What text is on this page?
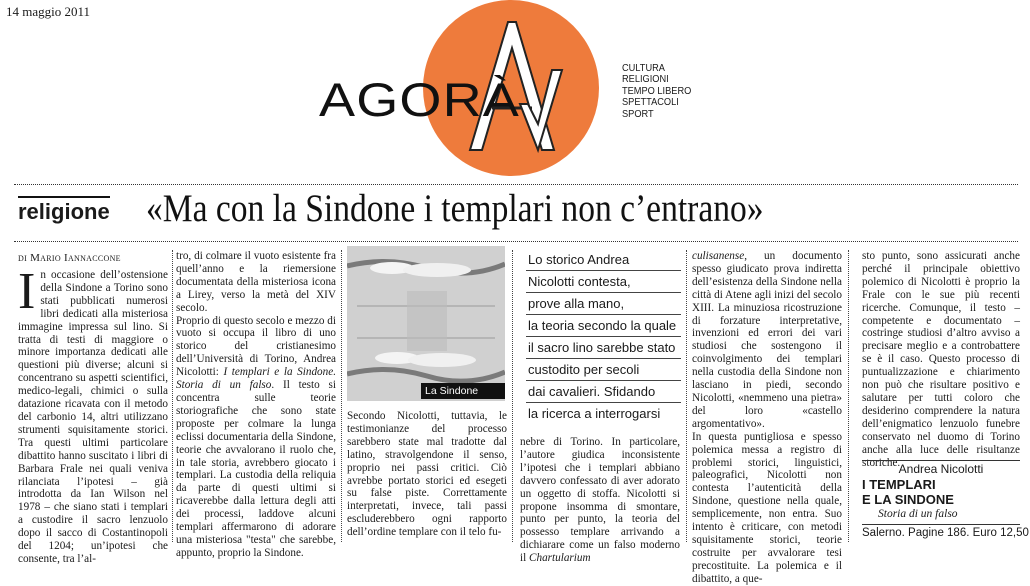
14 maggio 2011
AGORÀ
CULTURA
RELIGIONI
TEMPO LIBERO
SPETTACOLI
SPORT
religione «Ma con la Sindone i templari non c’entrano»
di Mario Iannaccone
In occasione dell’ostensione della Sindone a Torino sono stati pubblicati numerosi libri dedicati alla misteriosa immagine impressa sul lino. Si tratta di testi di maggiore o minore importanza dedicati alle questioni più diverse; alcuni si concentrano su aspetti scientifici, medico-legali, chimici o sulla datazione ricavata con il metodo del carbonio 14, altri utilizzano strumenti squisitamente storici. Tra questi ultimi particolare dibattito hanno suscitato i libri di Barbara Frale nei quali veniva rilanciata l’ipotesi – già introdotta da Ian Wilson nel 1978 – che siano stati i templari a custodire il sacro lenzuolo dopo il sacco di Costantinopoli del 1204; un’ipotesi che consente, tra l’al-

tro, di colmare il vuoto esistente fra quell’anno e la riemersione documentata della misteriosa icona a Lirey, verso la metà del XIV secolo.

Proprio di questo secolo e mezzo di vuoto si occupa il libro di uno storico del cristianesimo dell’Università di Torino, Andrea Nicolotti: I templari e la Sindone. Storia di un falso. Il testo si concentra sulle teorie storiografiche che sono state proposte per colmare la lunga eclissi documentaria della Sindone, teorie che avvalorano il ruolo che, in tale storia, avrebbero giocato i templari. La custodia della reliquia da parte di questi ultimi si ricaverebbe dalla lettura degli atti dei processi, laddove alcuni templari affermarono di adorare una misteriosa "testa" che sarebbe, appunto, proprio la Sindone.

La Sindone

Secondo Nicolotti, tuttavia, le testimonianze del processo sarebbero state mal tradotte dal latino, stravolgendone il senso, proprio nei passi critici. Ciò avrebbe portato storici ed esegeti su false piste. Correttamente interpretati, invece, tali passi escluderebbero ogni rapporto dell’ordine templare con il telo fu-

Lo storico Andrea
Nicolotti contesta,
prove alla mano,
la teoria secondo la quale
il sacro lino sarebbe stato
custodito per secoli
dai cavalieri. Sfidando
la ricerca a interrogarsi

nebre di Torino. In particolare, l’autore giudica inconsistente l’ipotesi che i templari abbiano davvero confessato di aver adorato un oggetto di stoffa. Nicolotti si propone insomma di smontare, punto per punto, la teoria del possesso templare arrivando a dichiarare come un falso moderno il Chartularium

culisanense, un documento spesso giudicato prova indiretta dell’esistenza della Sindone nella città di Atene agli inizi del secolo XIII. La minuziosa ricostruzione di forzature interpretative, invenzioni ed errori dei vari studiosi che sostengono il coinvolgimento dei templari nella custodia della Sindone non lasciano in piedi, secondo Nicolotti, «nemmeno una pietra» del loro «castello argomentativo».

In questa puntigliosa e spesso polemica messa a registro di problemi storici, linguistici, paleografici, Nicolotti non contesta l’autenticità della Sindone, questione nella quale, semplicemente, non entra. Suo intento è criticare, con metodi squisitamente storici, teorie costruite per avvalorare tesi precostituite. La polemica e il dibattito, a que-

sto punto, sono assicurati anche perché il principale obiettivo polemico di Nicolotti è proprio la Frale con le sue più recenti ricerche. Comunque, il testo – competente e documentato – costringe studiosi d’altro avviso a precisare meglio e a controbattere se è il caso. Questo processo di puntualizzazione e chiarimento non può che risultare positivo e salutare per tutti coloro che desiderino comprendere la natura dell’enigmatico lenzuolo funebre conservato nel duomo di Torino anche alla luce delle risultanze storiche.

Andrea Nicolotti
I TEMPLARI
E LA SINDONE
Storia di un falso
Salerno. Pagine 186. Euro 12,50
